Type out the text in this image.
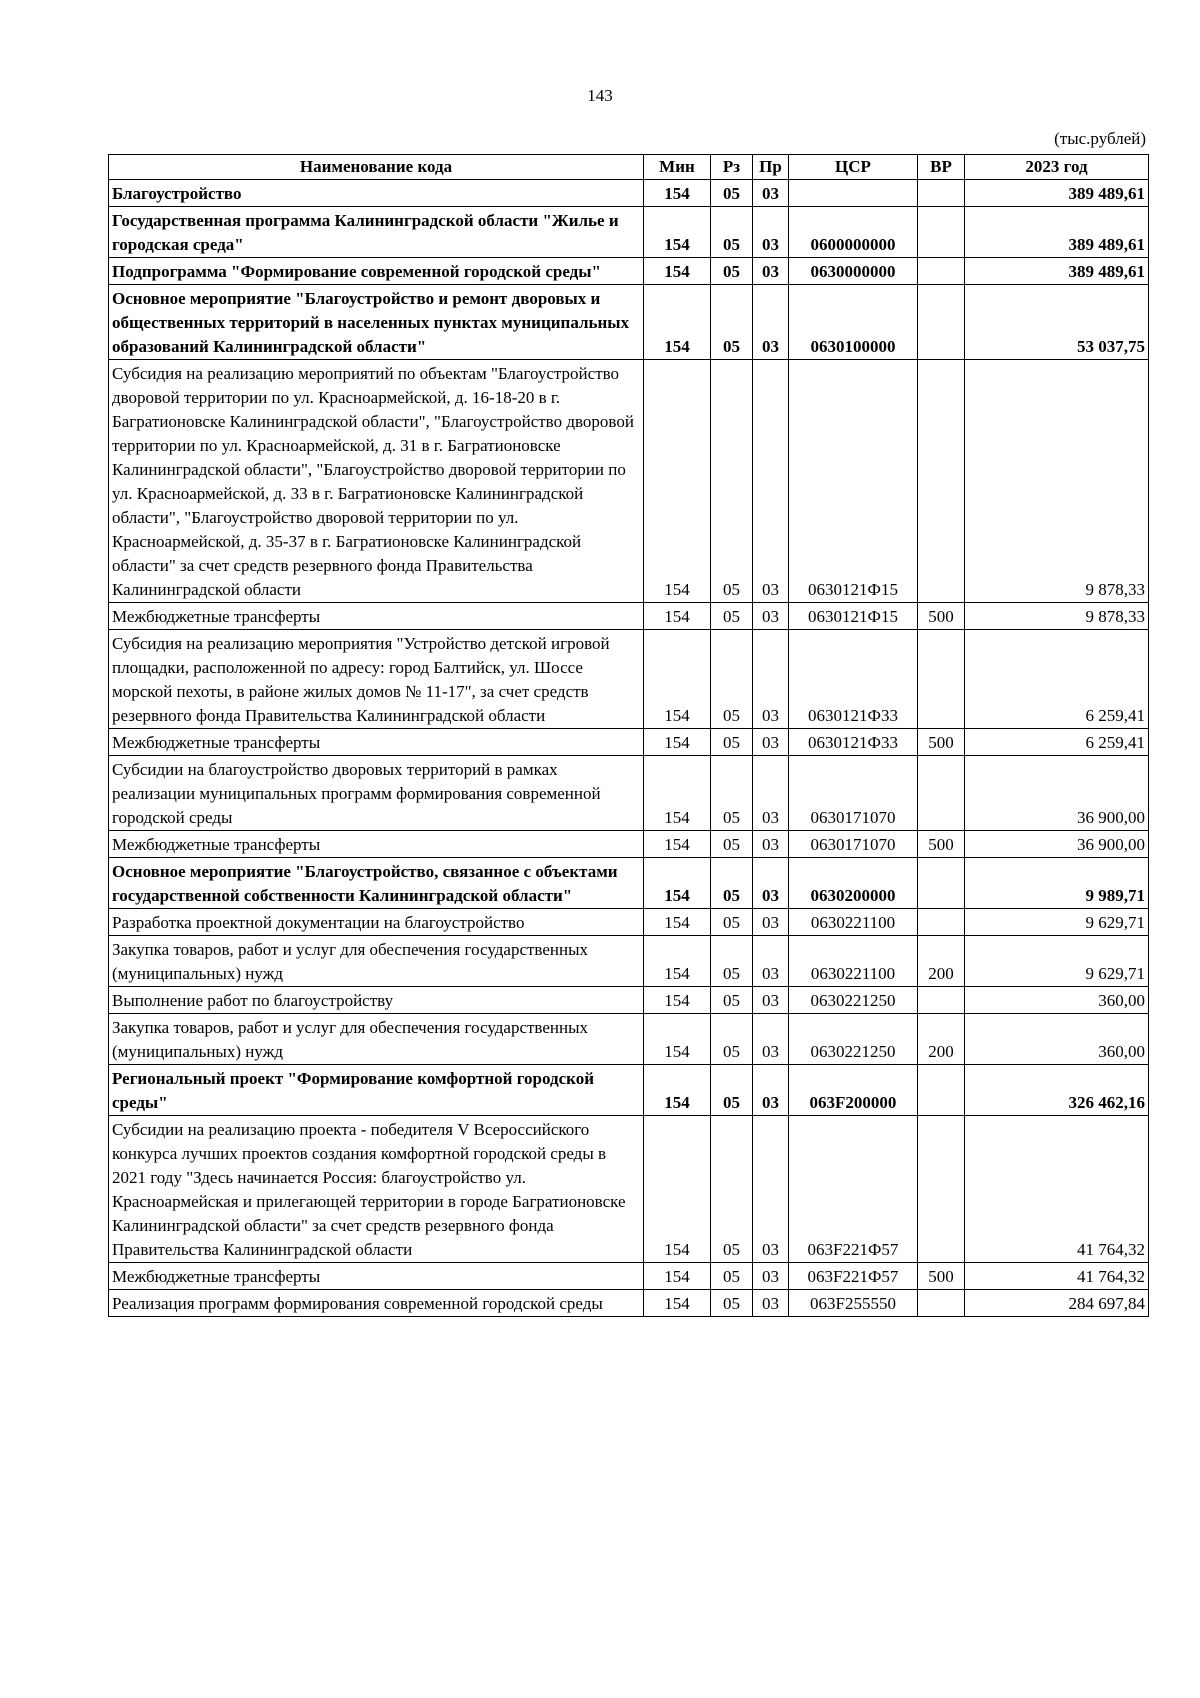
143
(тыс.рублей)
Наименование кода	Мин	Рз	Пр	ЦСР	ВР	2023 год
Благоустройство	154	05	03			389 489,61
Государственная программа Калининградской области "Жилье и городская среда"	154	05	03	0600000000		389 489,61
Подпрограмма "Формирование современной городской среды"	154	05	03	0630000000		389 489,61
Основное мероприятие "Благоустройство и ремонт дворовых и общественных территорий в населенных пунктах муниципальных образований Калининградской области"	154	05	03	0630100000		53 037,75
Субсидия на реализацию мероприятий по объектам "Благоустройство дворовой территории по ул. Красноармейской, д. 16-18-20 в г. Багратионовске Калининградской области", "Благоустройство дворовой территории по ул. Красноармейской, д. 31 в г. Багратионовске Калининградской области", "Благоустройство дворовой территории по ул. Красноармейской, д. 33 в г. Багратионовске Калининградской области", "Благоустройство дворовой территории по ул. Красноармейской, д. 35-37 в г. Багратионовске Калининградской области" за счет средств резервного фонда Правительства Калининградской области	154	05	03	0630121Ф15		9 878,33
Межбюджетные трансферты	154	05	03	0630121Ф15	500	9 878,33
Субсидия на реализацию мероприятия "Устройство детской игровой площадки, расположенной по адресу: город Балтийск, ул. Шоссе морской пехоты, в районе жилых домов № 11-17", за счет средств резервного фонда Правительства Калининградской области	154	05	03	0630121Ф33		6 259,41
Межбюджетные трансферты	154	05	03	0630121Ф33	500	6 259,41
Субсидии на благоустройство дворовых территорий в рамках реализации муниципальных программ формирования современной городской среды	154	05	03	0630171070		36 900,00
Межбюджетные трансферты	154	05	03	0630171070	500	36 900,00
Основное мероприятие "Благоустройство, связанное с объектами государственной собственности Калининградской области"	154	05	03	0630200000		9 989,71
Разработка проектной документации на благоустройство	154	05	03	0630221100		9 629,71
Закупка товаров, работ и услуг для обеспечения государственных (муниципальных) нужд	154	05	03	0630221100	200	9 629,71
Выполнение работ по благоустройству	154	05	03	0630221250		360,00
Закупка товаров, работ и услуг для обеспечения государственных (муниципальных) нужд	154	05	03	0630221250	200	360,00
Региональный проект "Формирование комфортной городской среды"	154	05	03	063F200000		326 462,16
Субсидии на реализацию проекта - победителя V Всероссийского конкурса лучших проектов создания комфортной городской среды в 2021 году "Здесь начинается Россия: благоустройство ул. Красноармейская и прилегающей территории в городе Багратионовске Калининградской области" за счет средств резервного фонда Правительства Калининградской области	154	05	03	063F221Ф57		41 764,32
Межбюджетные трансферты	154	05	03	063F221Ф57	500	41 764,32
Реализация программ формирования современной городской среды	154	05	03	063F255550		284 697,84
